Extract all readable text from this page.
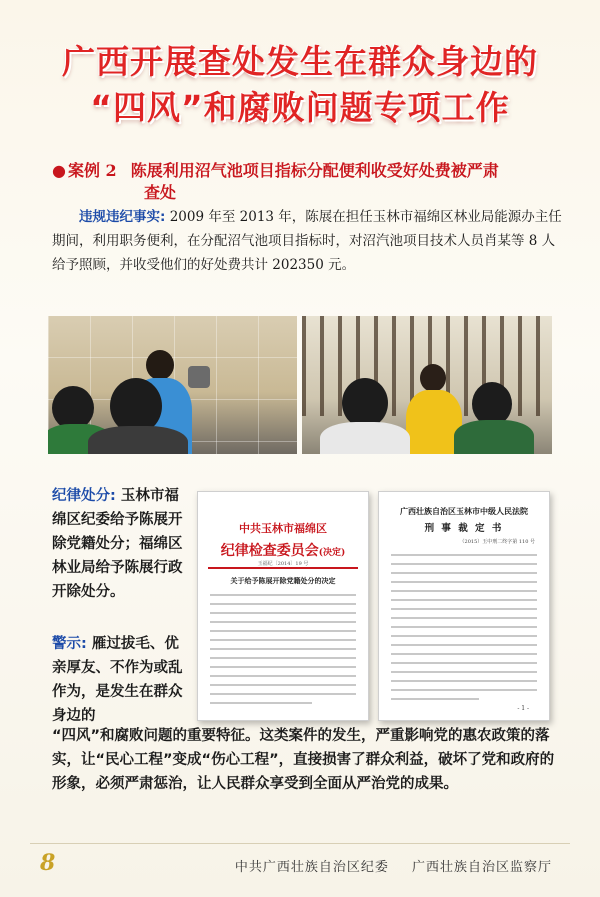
广西开展查处发生在群众身边的
“四风”和腐败问题专项工作
● 案例 2 陈展利用沼气池项目指标分配便利收受好处费被严肃
查处
违规违纪事实: 2009 年至 2013 年，陈展在担任玉林市福绵区林业局能源办主任期间，利用职务便利，在分配沼气池项目指标时，对沼汽池项目技术人员肖某等 8 人给予照顾，并收受他们的好处费共计 202350 元。
纪律处分: 玉林市福绵区纪委给予陈展开除党籍处分；福绵区林业局给予陈展行政开除处分。
警示: 雁过拔毛、优亲厚友、不作为或乱作为，是发生在群众身边的
中共玉林市福绵区
纪律检查委员会(决定)
玉福纪〔2014〕19 号
关于给予陈展开除党籍处分的决定
广西壮族自治区玉林市中级人民法院
刑 事 裁 定 书
（2015）玉中刑二终字第 110 号
- 1 -
“四风”和腐败问题的重要特征。这类案件的发生，严重影响党的惠农政策的落实，让“民心工程”变成“伤心工程”，直接损害了群众利益，破坏了党和政府的形象，必须严肃惩治，让人民群众享受到全面从严治党的成果。
8	中共广西壮族自治区纪委 广西壮族自治区监察厅
